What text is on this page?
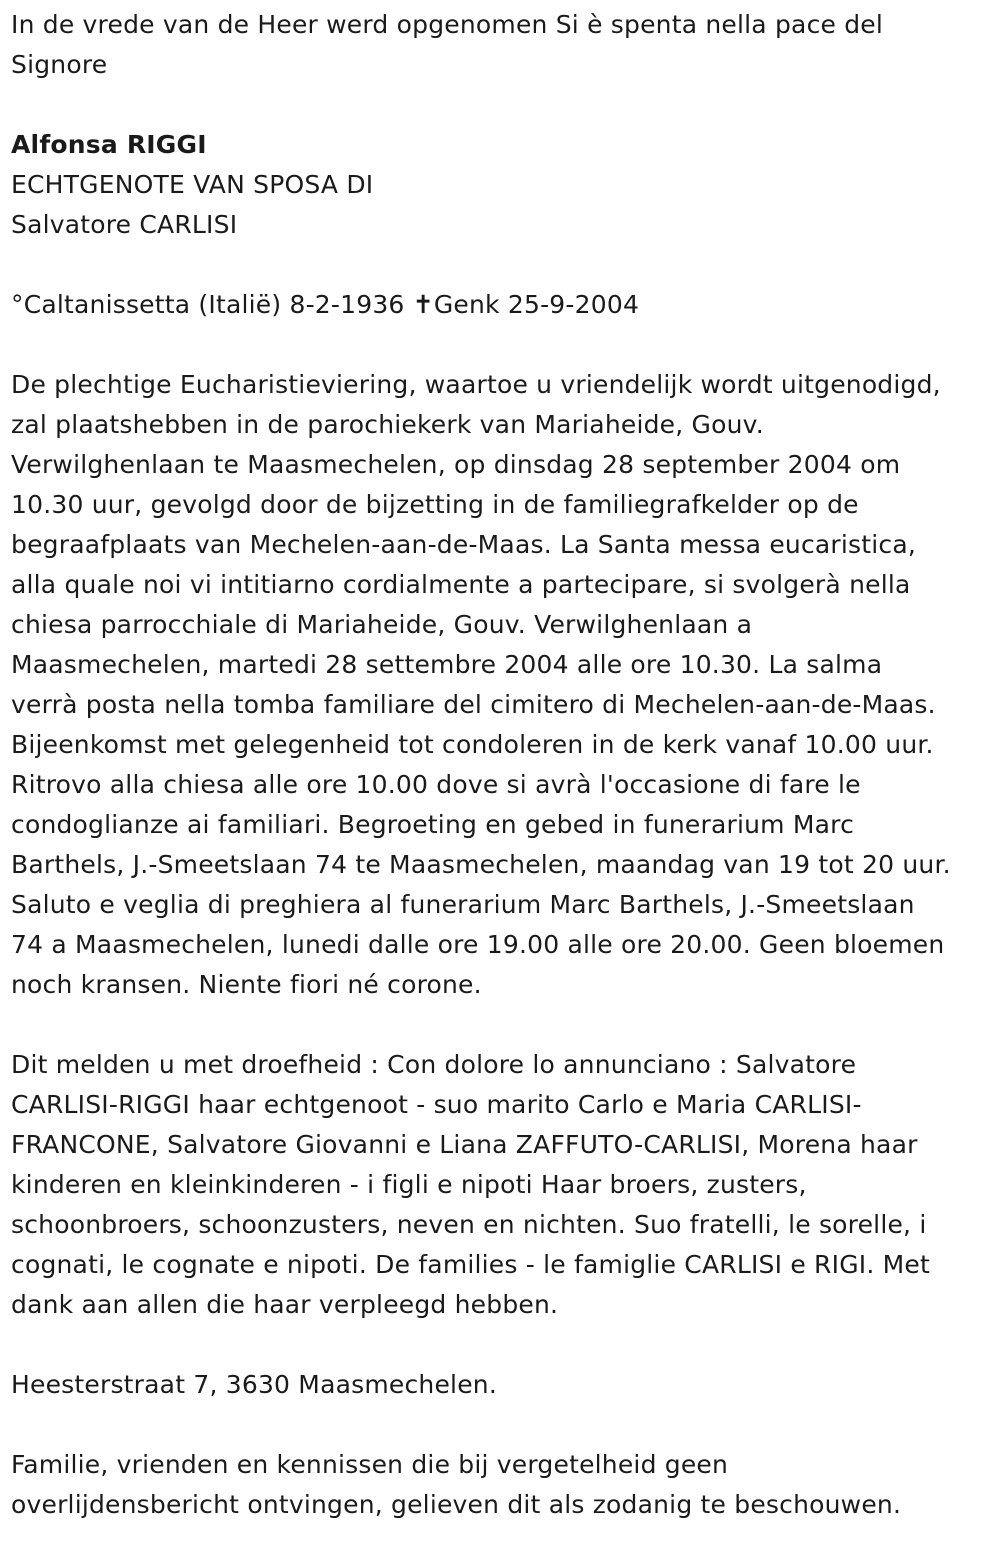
In de vrede van de Heer werd opgenomen Si è spenta nella pace del
Signore

Alfonsa RIGGI
ECHTGENOTE VAN SPOSA DI
Salvatore CARLISI

°Caltanissetta (Italië) 8-2-1936 ✝Genk 25-9-2004

De plechtige Eucharistieviering, waartoe u vriendelijk wordt uitgenodigd,
zal plaatshebben in de parochiekerk van Mariaheide, Gouv.
Verwilghenlaan te Maasmechelen, op dinsdag 28 september 2004 om
10.30 uur, gevolgd door de bijzetting in de familiegrafkelder op de
begraafplaats van Mechelen-aan-de-Maas. La Santa messa eucaristica,
alla quale noi vi intitiarno cordialmente a partecipare, si svolgerà nella
chiesa parrocchiale di Mariaheide, Gouv. Verwilghenlaan a
Maasmechelen, martedi 28 settembre 2004 alle ore 10.30. La salma
verrà posta nella tomba familiare del cimitero di Mechelen-aan-de-Maas.
Bijeenkomst met gelegenheid tot condoleren in de kerk vanaf 10.00 uur.
Ritrovo alla chiesa alle ore 10.00 dove si avrà l'occasione di fare le
condoglianze ai familiari. Begroeting en gebed in funerarium Marc
Barthels, J.-Smeetslaan 74 te Maasmechelen, maandag van 19 tot 20 uur.
Saluto e veglia di preghiera al funerarium Marc Barthels, J.-Smeetslaan
74 a Maasmechelen, lunedi dalle ore 19.00 alle ore 20.00. Geen bloemen
noch kransen. Niente fiori né corone.

Dit melden u met droefheid : Con dolore lo annunciano : Salvatore
CARLISI-RIGGI haar echtgenoot - suo marito Carlo e Maria CARLISI-
FRANCONE, Salvatore Giovanni e Liana ZAFFUTO-CARLISI, Morena haar
kinderen en kleinkinderen - i figli e nipoti Haar broers, zusters,
schoonbroers, schoonzusters, neven en nichten. Suo fratelli, le sorelle, i
cognati, le cognate e nipoti. De families - le famiglie CARLISI e RIGI. Met
dank aan allen die haar verpleegd hebben.

Heesterstraat 7, 3630 Maasmechelen.

Familie, vrienden en kennissen die bij vergetelheid geen
overlijdensbericht ontvingen, gelieven dit als zodanig te beschouwen.
